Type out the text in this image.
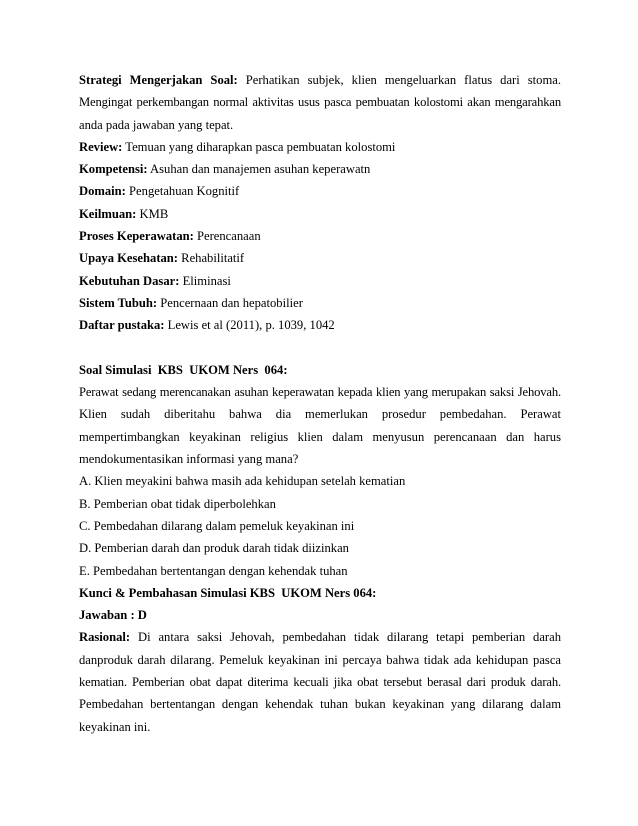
Strategi Mengerjakan Soal: Perhatikan subjek, klien mengeluarkan flatus dari stoma.
Mengingat perkembangan normal aktivitas usus pasca pembuatan kolostomi akan mengarahkan
anda pada jawaban yang tepat.
Review: Temuan yang diharapkan pasca pembuatan kolostomi
Kompetensi: Asuhan dan manajemen asuhan keperawatn
Domain: Pengetahuan Kognitif
Keilmuan: KMB
Proses Keperawatan: Perencanaan
Upaya Kesehatan: Rehabilitatif
Kebutuhan Dasar: Eliminasi
Sistem Tubuh: Pencernaan dan hepatobilier
Daftar pustaka: Lewis et al (2011), p. 1039, 1042
Soal Simulasi  KBS  UKOM Ners  064:
Perawat sedang merencanakan asuhan keperawatan kepada klien yang merupakan saksi Jehovah.
Klien sudah diberitahu bahwa dia memerlukan prosedur pembedahan. Perawat
mempertimbangkan keyakinan religius klien dalam menyusun perencanaan dan harus
mendokumentasikan informasi yang mana?
A. Klien meyakini bahwa masih ada kehidupan setelah kematian
B. Pemberian obat tidak diperbolehkan
C. Pembedahan dilarang dalam pemeluk keyakinan ini
D. Pemberian darah dan produk darah tidak diizinkan
E. Pembedahan bertentangan dengan kehendak tuhan
Kunci & Pembahasan Simulasi KBS  UKOM Ners 064:
Jawaban : D
Rasional: Di antara saksi Jehovah, pembedahan tidak dilarang tetapi pemberian darah
danproduk darah dilarang. Pemeluk keyakinan ini percaya bahwa tidak ada kehidupan pasca
kematian. Pemberian obat dapat diterima kecuali jika obat tersebut berasal dari produk darah.
Pembedahan bertentangan dengan kehendak tuhan bukan keyakinan yang dilarang dalam
keyakinan ini.
